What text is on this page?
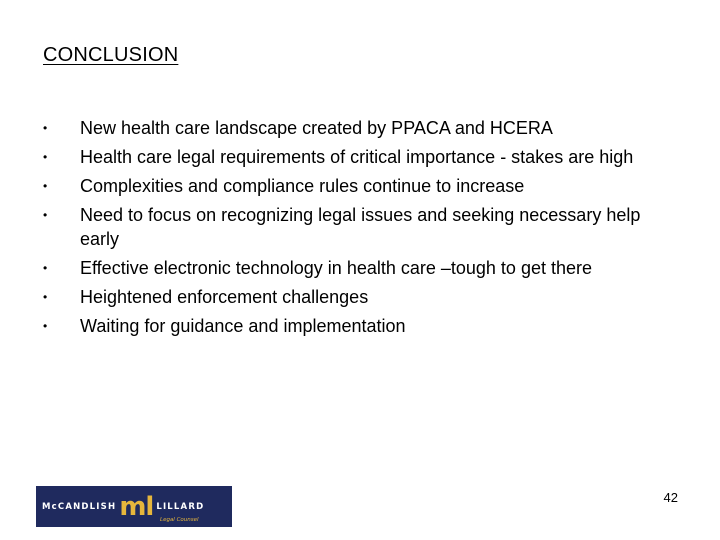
CONCLUSION
•	New health care landscape created by PPACA and HCERA
•	Health care legal requirements of critical importance - stakes are high
•	Complexities and compliance rules continue to increase
•	Need to focus on recognizing legal issues and seeking necessary help early
•	Effective electronic technology in health care –tough to get there
•	Heightened enforcement challenges
•	Waiting for guidance and implementation
McCANDLISH ml LILLARD
Legal Counsel
42
